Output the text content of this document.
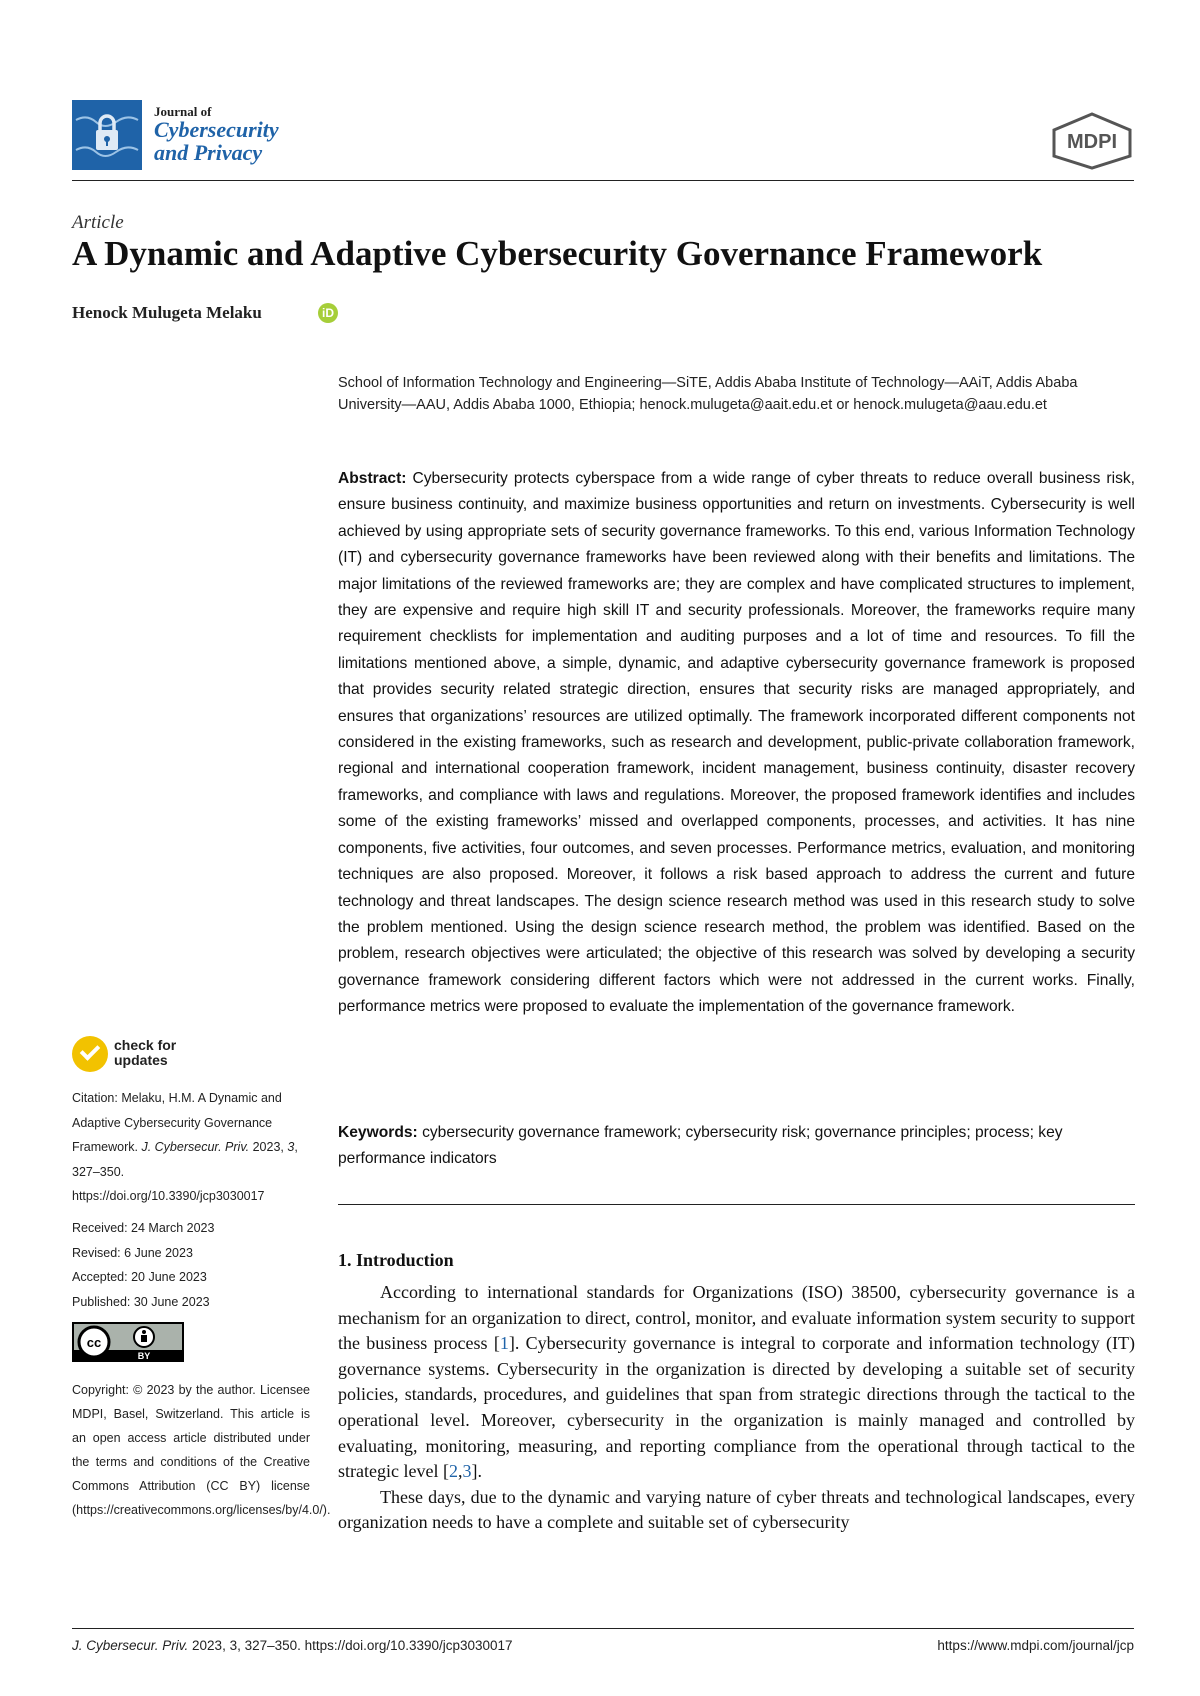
Journal of
Cybersecurity and Privacy	MDPI
Article
A Dynamic and Adaptive Cybersecurity Governance Framework
Henock Mulugeta Melaku	iD
School of Information Technology and Engineering—SiTE, Addis Ababa Institute of Technology—AAiT, Addis Ababa University—AAU, Addis Ababa 1000, Ethiopia; henock.mulugeta@aait.edu.et or henock.mulugeta@aau.edu.et
Abstract: Cybersecurity protects cyberspace from a wide range of cyber threats to reduce overall business risk, ensure business continuity, and maximize business opportunities and return on investments. Cybersecurity is well achieved by using appropriate sets of security governance frameworks. To this end, various Information Technology (IT) and cybersecurity governance frameworks have been reviewed along with their benefits and limitations. The major limitations of the reviewed frameworks are; they are complex and have complicated structures to implement, they are expensive and require high skill IT and security professionals. Moreover, the frameworks require many requirement checklists for implementation and auditing purposes and a lot of time and resources. To fill the limitations mentioned above, a simple, dynamic, and adaptive cybersecurity governance framework is proposed that provides security related strategic direction, ensures that security risks are managed appropriately, and ensures that organizations’ resources are utilized optimally. The framework incorporated different components not considered in the existing frameworks, such as research and development, public-private collaboration framework, regional and international cooperation framework, incident management, business continuity, disaster recovery frameworks, and compliance with laws and regulations. Moreover, the proposed framework identifies and includes some of the existing frameworks’ missed and overlapped components, processes, and activities. It has nine components, five activities, four outcomes, and seven processes. Performance metrics, evaluation, and monitoring techniques are also proposed. Moreover, it follows a risk based approach to address the current and future technology and threat landscapes. The design science research method was used in this research study to solve the problem mentioned. Using the design science research method, the problem was identified. Based on the problem, research objectives were articulated; the objective of this research was solved by developing a security governance framework considering different factors which were not addressed in the current works. Finally, performance metrics were proposed to evaluate the implementation of the governance framework.
Keywords: cybersecurity governance framework; cybersecurity risk; governance principles; process; key performance indicators
1. Introduction

According to international standards for Organizations (ISO) 38500, cybersecurity governance is a mechanism for an organization to direct, control, monitor, and evaluate information system security to support the business process [1]. Cybersecurity governance is integral to corporate and information technology (IT) governance systems. Cybersecurity in the organization is directed by developing a suitable set of security policies, standards, procedures, and guidelines that span from strategic directions through the tactical to the operational level. Moreover, cybersecurity in the organization is mainly managed and controlled by evaluating, monitoring, measuring, and reporting compliance from the operational through tactical to the strategic level [2,3].

These days, due to the dynamic and varying nature of cyber threats and technological landscapes, every organization needs to have a complete and suitable set of cybersecurity

check for
updates
Citation: Melaku, H.M. A Dynamic and Adaptive Cybersecurity Governance Framework. J. Cybersecur. Priv. 2023, 3, 327–350.
https://doi.org/10.3390/jcp3030017
Received: 24 March 2023
Revised: 6 June 2023
Accepted: 20 June 2023
Published: 30 June 2023
cc
BY
Copyright: © 2023 by the author. Licensee MDPI, Basel, Switzerland. This article is an open access article distributed under the terms and conditions of the Creative Commons Attribution (CC BY) license (https://creativecommons.org/licenses/by/4.0/).
J. Cybersecur. Priv. 2023, 3, 327–350. https://doi.org/10.3390/jcp3030017	https://www.mdpi.com/journal/jcp
